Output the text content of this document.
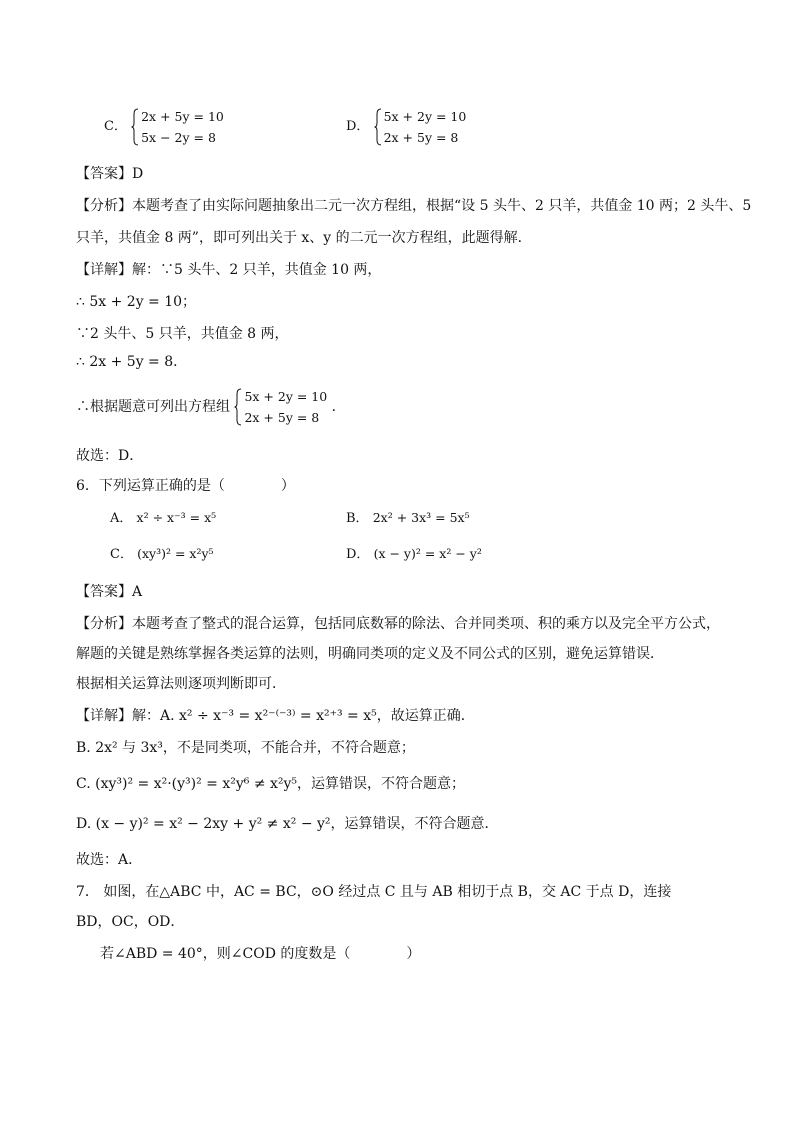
C．
2x + 5y = 10
5x − 2y = 8
D．
5x + 2y = 10
2x + 5y = 8
【答案】D
【分析】本题考查了由实际问题抽象出二元一次方程组，根据“设 5 头牛、2 只羊，共值金 10 两；2 头牛、5
只羊，共值金 8 两”，即可列出关于 x、y 的二元一次方程组，此题得解．
【详解】解：∵5 头牛、2 只羊，共值金 10 两，
∴ 5x + 2y = 10；
∵2 头牛、5 只羊，共值金 8 两，
∴ 2x + 5y = 8．
∴根据题意可列出方程组
5x + 2y = 10
2x + 5y = 8
．
故选：D．
6．下列运算正确的是（　　　　）
A． x² ÷ x⁻³ = x⁵	B． 2x² + 3x³ = 5x⁵
C． (xy³)² = x²y⁵	D． (x − y)² = x² − y²
【答案】A
【分析】本题考查了整式的混合运算，包括同底数幂的除法、合并同类项、积的乘方以及完全平方公式，
解题的关键是熟练掌握各类运算的法则，明确同类项的定义及不同公式的区别，避免运算错误．
根据相关运算法则逐项判断即可．
【详解】解：A. x² ÷ x⁻³ = x²⁻⁽⁻³⁾ = x²⁺³ = x⁵，故运算正确．
B. 2x² 与 3x³，不是同类项，不能合并，不符合题意；
C. (xy³)² = x²·(y³)² = x²y⁶ ≠ x²y⁵，运算错误，不符合题意；
D. (x − y)² = x² − 2xy + y² ≠ x² − y²，运算错误，不符合题意．
故选：A．
7． 如图，在△ABC 中，AC = BC，⊙O 经过点 C 且与 AB 相切于点 B，交 AC 于点 D，连接
BD，OC，OD．
若∠ABD = 40°，则∠COD 的度数是（　　　　）
